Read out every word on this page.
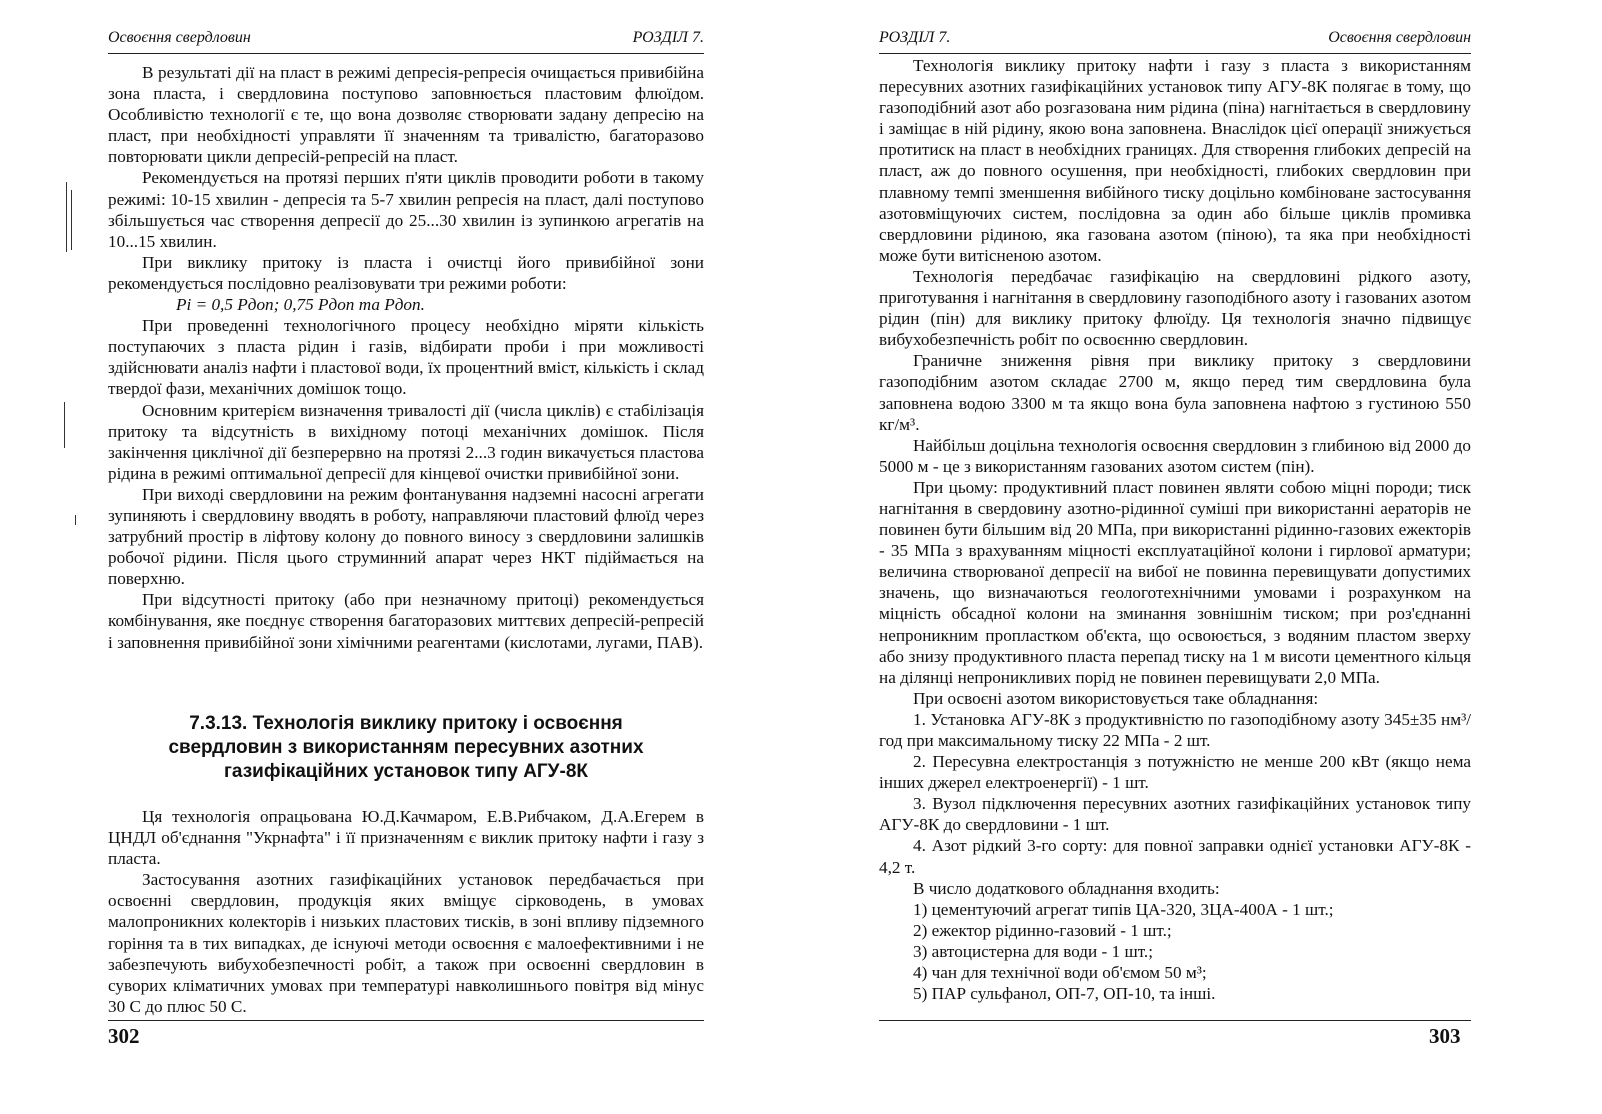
Освоєння свердловин	РОЗДІЛ 7.

В результаті дії на пласт в режимі депресія-репресія очищається привибійна зона пласта, і свердловина поступово заповнюється пластовим флюїдом. Особливістю технології є те, що вона дозволяє створювати задану депресію на пласт, при необхідності управляти її значенням та тривалістю, багаторазово повторювати цикли депресій-репресій на пласт.

Рекомендується на протязі перших п'яти циклів проводити роботи в такому режимі: 10-15 хвилин - депресія та 5-7 хвилин репресія на пласт, далі поступово збільшується час створення депресії до 25...30 хвилин із зупинкою агрегатів на 10...15 хвилин.

При виклику притоку із пласта і очистці його привибійної зони рекомендується послідовно реалізовувати три режими роботи:

Pi = 0,5 Pдоп; 0,75 Pдоп та Pдоп.

При проведенні технологічного процесу необхідно міряти кількість поступаючих з пласта рідин і газів, відбирати проби і при можливості здійснювати аналіз нафти і пластової води, їх процентний вміст, кількість і склад твердої фази, механічних домішок тощо.

Основним критерієм визначення тривалості дії (числа циклів) є стабілізація притоку та відсутність в вихідному потоці механічних домішок. Після закінчення циклічної дії безперервно на протязі 2...3 годин викачується пластова рідина в режимі оптимальної депресії для кінцевої очистки привибійної зони.

При виході свердловини на режим фонтанування надземні насосні агрегати зупиняють і свердловину вводять в роботу, направляючи пластовий флюїд через затрубний простір в ліфтову колону до повного виносу з свердловини залишків робочої рідини. Після цього струминний апарат через НКТ підіймається на поверхню.

При відсутності притоку (або при незначному притоці) рекомендується комбінування, яке поєднує створення багаторазових миттєвих депресій-репресій і заповнення привибійної зони хімічними реагентами (кислотами, лугами, ПАВ).

7.3.13. Технологія виклику притоку і освоєння
свердловин з використанням пересувних азотних
газифікаційних установок типу АГУ-8К

Ця технологія опрацьована Ю.Д.Качмаром, Е.В.Рибчаком, Д.А.Егерем в ЦНДЛ об'єднання "Укрнафта" і її призначенням є виклик притоку нафти і газу з пласта.

Застосування азотних газифікаційних установок передбачається при освоєнні свердловин, продукція яких вміщує сірководень, в умовах малопроникних колекторів і низьких пластових тисків, в зоні впливу підземного горіння та в тих випадках, де існуючі методи освоєння є малоефективними і не забезпечують вибухобезпечності робіт, а також при освоєнні свердловин в суворих кліматичних умовах при температурі навколишнього повітря від мінус 30 С до плюс 50 С.

302
РОЗДІЛ 7.	Освоєння свердловин

Технологія виклику притоку нафти і газу з пласта з використанням пересувних азотних газифікаційних установок типу АГУ-8К полягає в тому, що газоподібний азот або розгазована ним рідина (піна) нагнітається в свердловину і заміщає в ній рідину, якою вона заповнена. Внаслідок цієї операції знижується протитиск на пласт в необхідних границях. Для створення глибоких депресій на пласт, аж до повного осушення, при необхідності, глибоких свердловин при плавному темпі зменшення вибійного тиску доцільно комбіноване застосування азотовміщуючих систем, послідовна за один або більше циклів промивка свердловини рідиною, яка газована азотом (піною), та яка при необхідності може бути витісненою азотом.

Технологія передбачає газифікацію на свердловині рідкого азоту, приготування і нагнітання в свердловину газоподібного азоту і газованих азотом рідин (пін) для виклику притоку флюїду. Ця технологія значно підвищує вибухобезпечність робіт по освоєнню свердловин.

Граничне зниження рівня при виклику притоку з свердловини газоподібним азотом складає 2700 м, якщо перед тим свердловина була заповнена водою 3300 м та якщо вона була заповнена нафтою з густиною 550 кг/м³.

Найбільш доцільна технологія освоєння свердловин з глибиною від 2000 до 5000 м - це з використанням газованих азотом систем (пін).

При цьому: продуктивний пласт повинен являти собою міцні породи; тиск нагнітання в свердовину азотно-рідинної суміші при використанні аераторів не повинен бути більшим від 20 МПа, при використанні рідинно-газових ежекторів - 35 МПа з врахуванням міцності експлуатаційної колони і гирлової арматури; величина створюваної депресії на вибої не повинна перевищувати допустимих значень, що визначаються геологотехнічними умовами і розрахунком на міцність обсадної колони на зминання зовнішнім тиском; при роз'єднанні непроникним пропластком об'єкта, що освоюється, з водяним пластом зверху або знизу продуктивного пласта перепад тиску на 1 м висоти цементного кільця на ділянці непроникливих порід не повинен перевищувати 2,0 МПа.

При освоєні азотом використовується таке обладнання:

1. Установка АГУ-8К з продуктивністю по газоподібному азоту 345±35 нм³/год при максимальному тиску 22 МПа - 2 шт.

2. Пересувна електростанція з потужністю не менше 200 кВт (якщо нема інших джерел електроенергії) - 1 шт.

3. Вузол підключення пересувних азотних газифікаційних установок типу АГУ-8К до свердловини - 1 шт.

4. Азот рідкий 3-го сорту: для повної заправки однієї установки АГУ-8К - 4,2 т.

В число додаткового обладнання входить:

1) цементуючий агрегат типів ЦА-320, 3ЦА-400А - 1 шт.;

2) ежектор рідинно-газовий - 1 шт.;

3) автоцистерна для води - 1 шт.;

4) чан для технічної води об'ємом 50 м³;

5) ПАР сульфанол, ОП-7, ОП-10, та інші.

303
